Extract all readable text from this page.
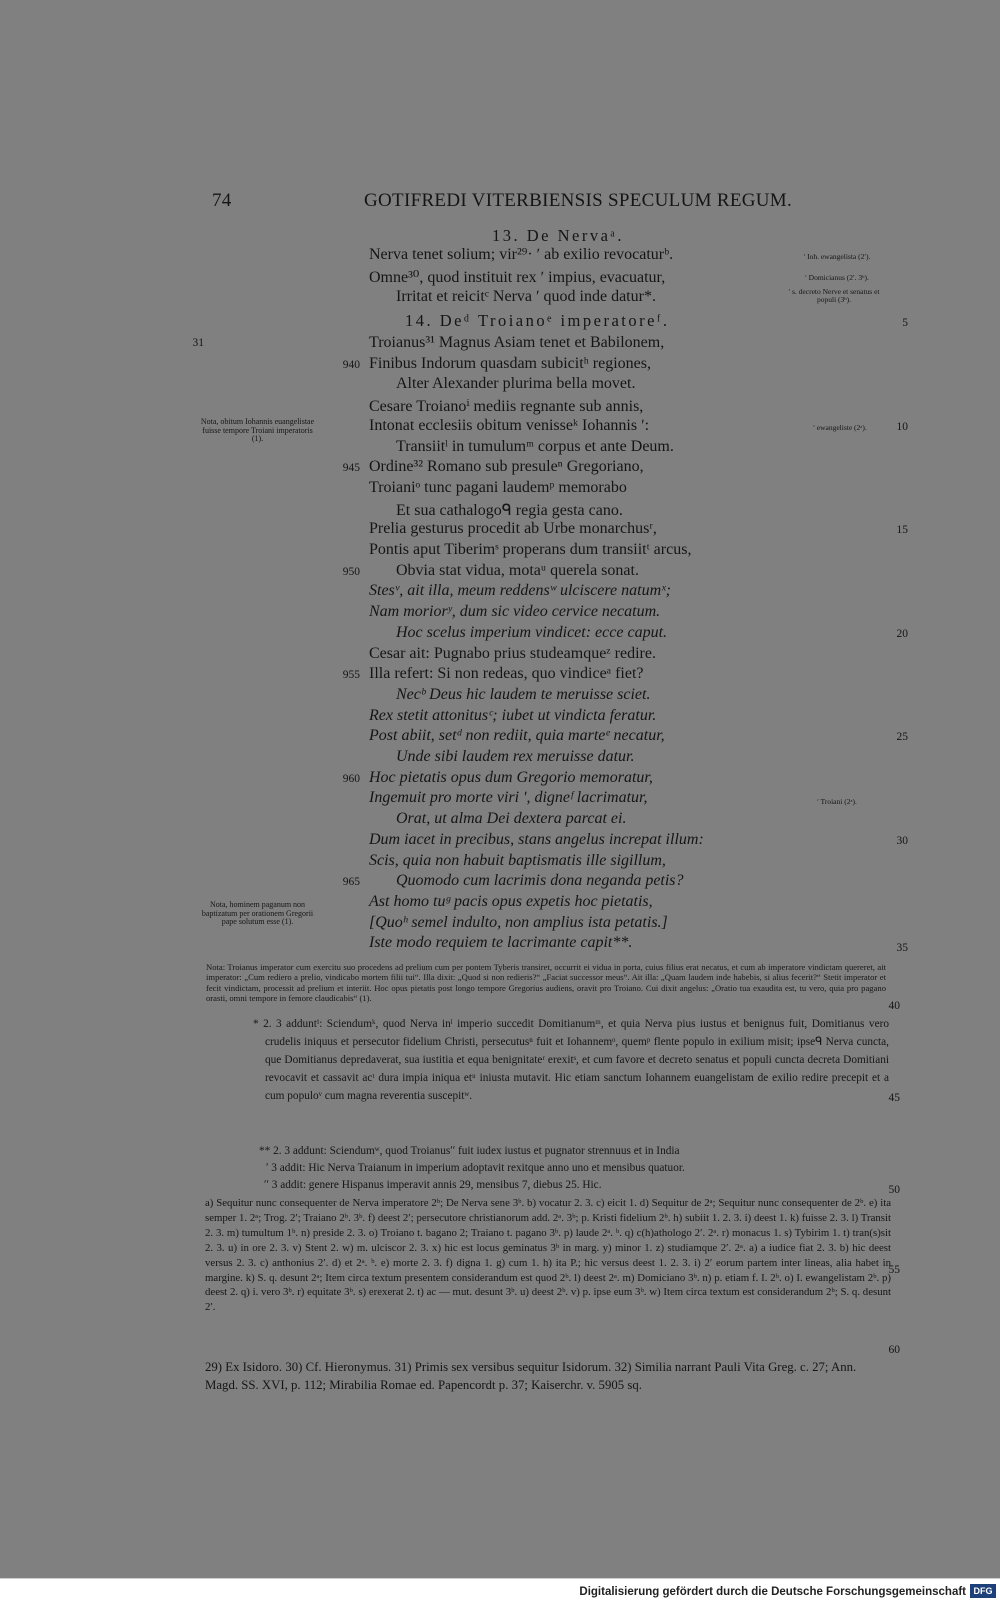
74	GOTIFREDI VITERBIENSIS SPECULUM REGUM.
13. De Nervaᵃ.
Nerva tenet solium; vir²⁹· ʹ ab exilio revocaturᵇ.
Omne³⁰, quod instituit rex ʹ impius, evacuatur,
Irritat et reicitᶜ Nerva ʹ quod inde datur*.
ʹ Ioh. ewangelista (2′).
ʹ Domicianus (2′. 3ᵇ).
ʹ s. decreto Nerve et senatus et populi (3ᵇ).
14. Deᵈ Troianoᵉ imperatoreᶠ.
31	Troianus³¹ Magnus Asiam tenet et Babilonem,
Finibus Indorum quasdam subicitʰ regiones,
Alter Alexander plurima bella movet.
Cesare Troianoⁱ mediis regnante sub annis,
Intonat ecclesiis obitum venisseᵏ Iohannis ʹ:
Transiitˡ in tumulumᵐ corpus et ante Deum.
Ordine³² Romano sub presuleⁿ Gregoriano,
Troianiᵒ tunc pagani laudemᵖ memorabo
Et sua cathalogoᑫ regia gesta cano.
Prelia gesturus procedit ab Urbe monarchusʳ,
Pontis aput Tiberimˢ properans dum transiitᵗ arcus,
Obvia stat vidua, motaᵘ querela sonat.
Stesᵛ, ait illa, meum reddensʷ ulciscere natumˣ;
Nam moriorʸ, dum sic video cervice necatum.
Hoc scelus imperium vindicet: ecce caput.
Cesar ait: Pugnabo prius studeamqueᶻ redire.
Illa refert: Si non redeas, quo vindiceᵃ fiet?
Necᵇ Deus hic laudem te meruisse sciet.
Rex stetit attonitusᶜ; iubet ut vindicta feratur.
Post abiit, setᵈ non rediit, quia marteᵉ necatur,
Unde sibi laudem rex meruisse datur.
Hoc pietatis opus dum Gregorio memoratur,
Ingemuit pro morte viri ʹ, digneᶠ lacrimatur,
Orat, ut alma Dei dextera parcat ei.
Dum iacet in precibus, stans angelus increpat illum:
Scis, quia non habuit baptismatis ille sigillum,
Quomodo cum lacrimis dona neganda petis?
Ast homo tuᵍ pacis opus expetis hoc pietatis,
[Quoʰ semel indulto, non amplius ista petatis.]
Iste modo requiem te lacrimante capit**.
940
945
950
955
960
965
5
10
15
20
25
30
35
ʹ ewangeliste (2ᵃ).
ʹ Troiani (2ᵃ).
Nota, obitum Iohannis euangelistae fuisse tempore Troiani imperatoris (1).
Nota, hominem paganum non baptizatum per orationem Gregorii pape solutum esse (1).
Nota: Troianus imperator cum exercitu suo procedens ad prelium cum per pontem Tyberis transiret, occurrit ei vidua in porta, cuius filius erat necatus, et cum ab imperatore vindictam quereret, ait imperator: „Cum rediero a prelio, vindicabo mortem filii tui“. Illa dixit: „Quod si non redieris?“ „Faciat successor meus“. Ait illa: „Quam laudem inde habebis, si alius fecerit?“ Stetit imperator et fecit vindictam, processit ad prelium et interiit. Hoc opus pietatis post longo tempore Gregorius audiens, oravit pro Troiano. Cui dixit angelus: „Oratio tua exaudita est, tu vero, quia pro pagano orasti, omni tempore in femore claudicabis“ (1).
40
* 2. 3 adduntⁱ: Sciendumᵏ, quod Nerva inˡ imperio succedit Domitianumᵐ, et quia Nerva pius iustus et benignus fuit, Domitianus vero crudelis iniquus et persecutor fidelium Christi, persecutusⁿ fuit et Iohannemᵒ, quemᵖ flente populo in exilium misit; ipseᑫ Nerva cuncta, que Domitianus depredaverat, sua iustitia et equa benignitateʳ erexitˢ, et cum favore et decreto senatus et populi cuncta decreta Domitiani revocavit et cassavit acᵗ dura impia iniqua etᵘ iniusta mutavit. Hic etiam sanctum Iohannem euangelistam de exilio redire precepit et a cum populoᵛ cum magna reverentia suscepitʷ.	45
** 2. 3 addunt: Sciendumʷ, quod Troianusʹʹ fuit iudex iustus et pugnator strennuus et in India
ʹ 3 addit: Hic Nerva Traianum in imperium adoptavit rexitque anno uno et mensibus quatuor.
ʹʹ 3 addit: genere Hispanus imperavit annis 29, mensibus 7, diebus 25. Hic.	50
a) Sequitur nunc consequenter de Nerva imperatore 2ᵇ; De Nerva sene 3ᵇ. b) vocatur 2. 3. c) eicit 1. d) Sequitur de 2ᵃ; Sequitur nunc consequenter de 2ᵇ. e) ita semper 1. 2ᵃ; Trog. 2′; Traiano 2ᵇ. 3ᵇ. f) deest 2′; persecutore christianorum add. 2ᵃ. 3ᵇ; p. Kristi fidelium 2ᵇ. h) subiit 1. 2. 3. i) deest 1. k) fuisse 2. 3. l) Transit 2. 3. m) tumultum 1ᵇ. n) preside 2. 3. o) Troiano t. bagano 2; Traiano t. pagano 3ᵇ. p) laude 2ᵃ. ᵇ. q) c(h)athologo 2′. 2ᵃ. r) monacus 1. s) Tybirim 1. t) tran(s)sit 2. 3. u) in ore 2. 3. v) Stent 2. w) m. ulciscor 2. 3. x) hic est locus geminatus 3ᵇ in marg. y) minor 1. z) studiamque 2′. 2ᵃ. a) a iudice fiat 2. 3. b) hic deest versus 2. 3. c) anthonius 2′. d) et 2ᵃ. ᵇ. e) morte 2. 3. f) digna 1. g) cum 1. h) ita P.; hic versus deest 1. 2. 3. i) 2′ eorum partem inter lineas, alia habet in margine. k) S. q. desunt 2ᵃ; Item circa textum presentem considerandum est quod 2ᵇ. l) deest 2ᵃ. m) Domiciano 3ᵇ. n) p. etiam f. I. 2ᵇ. o) I. ewangelistam 2ᵇ. p) deest 2. q) i. vero 3ᵇ. r) equitate 3ᵇ. s) erexerat 2. t) ac — mut. desunt 3ᵇ. u) deest 2ᵇ. v) p. ipse eum 3ᵇ. w) Item circa textum est considerandum 2ᵇ; S. q. desunt 2′.
55
60
29) Ex Isidoro. 30) Cf. Hieronymus. 31) Primis sex versibus sequitur Isidorum. 32) Similia narrant Pauli Vita Greg. c. 27; Ann. Magd. SS. XVI, p. 112; Mirabilia Romae ed. Papencordt p. 37; Kaiserchr. v. 5905 sq.
Digitalisierung gefördert durch die Deutsche Forschungsgemeinschaft DFG
